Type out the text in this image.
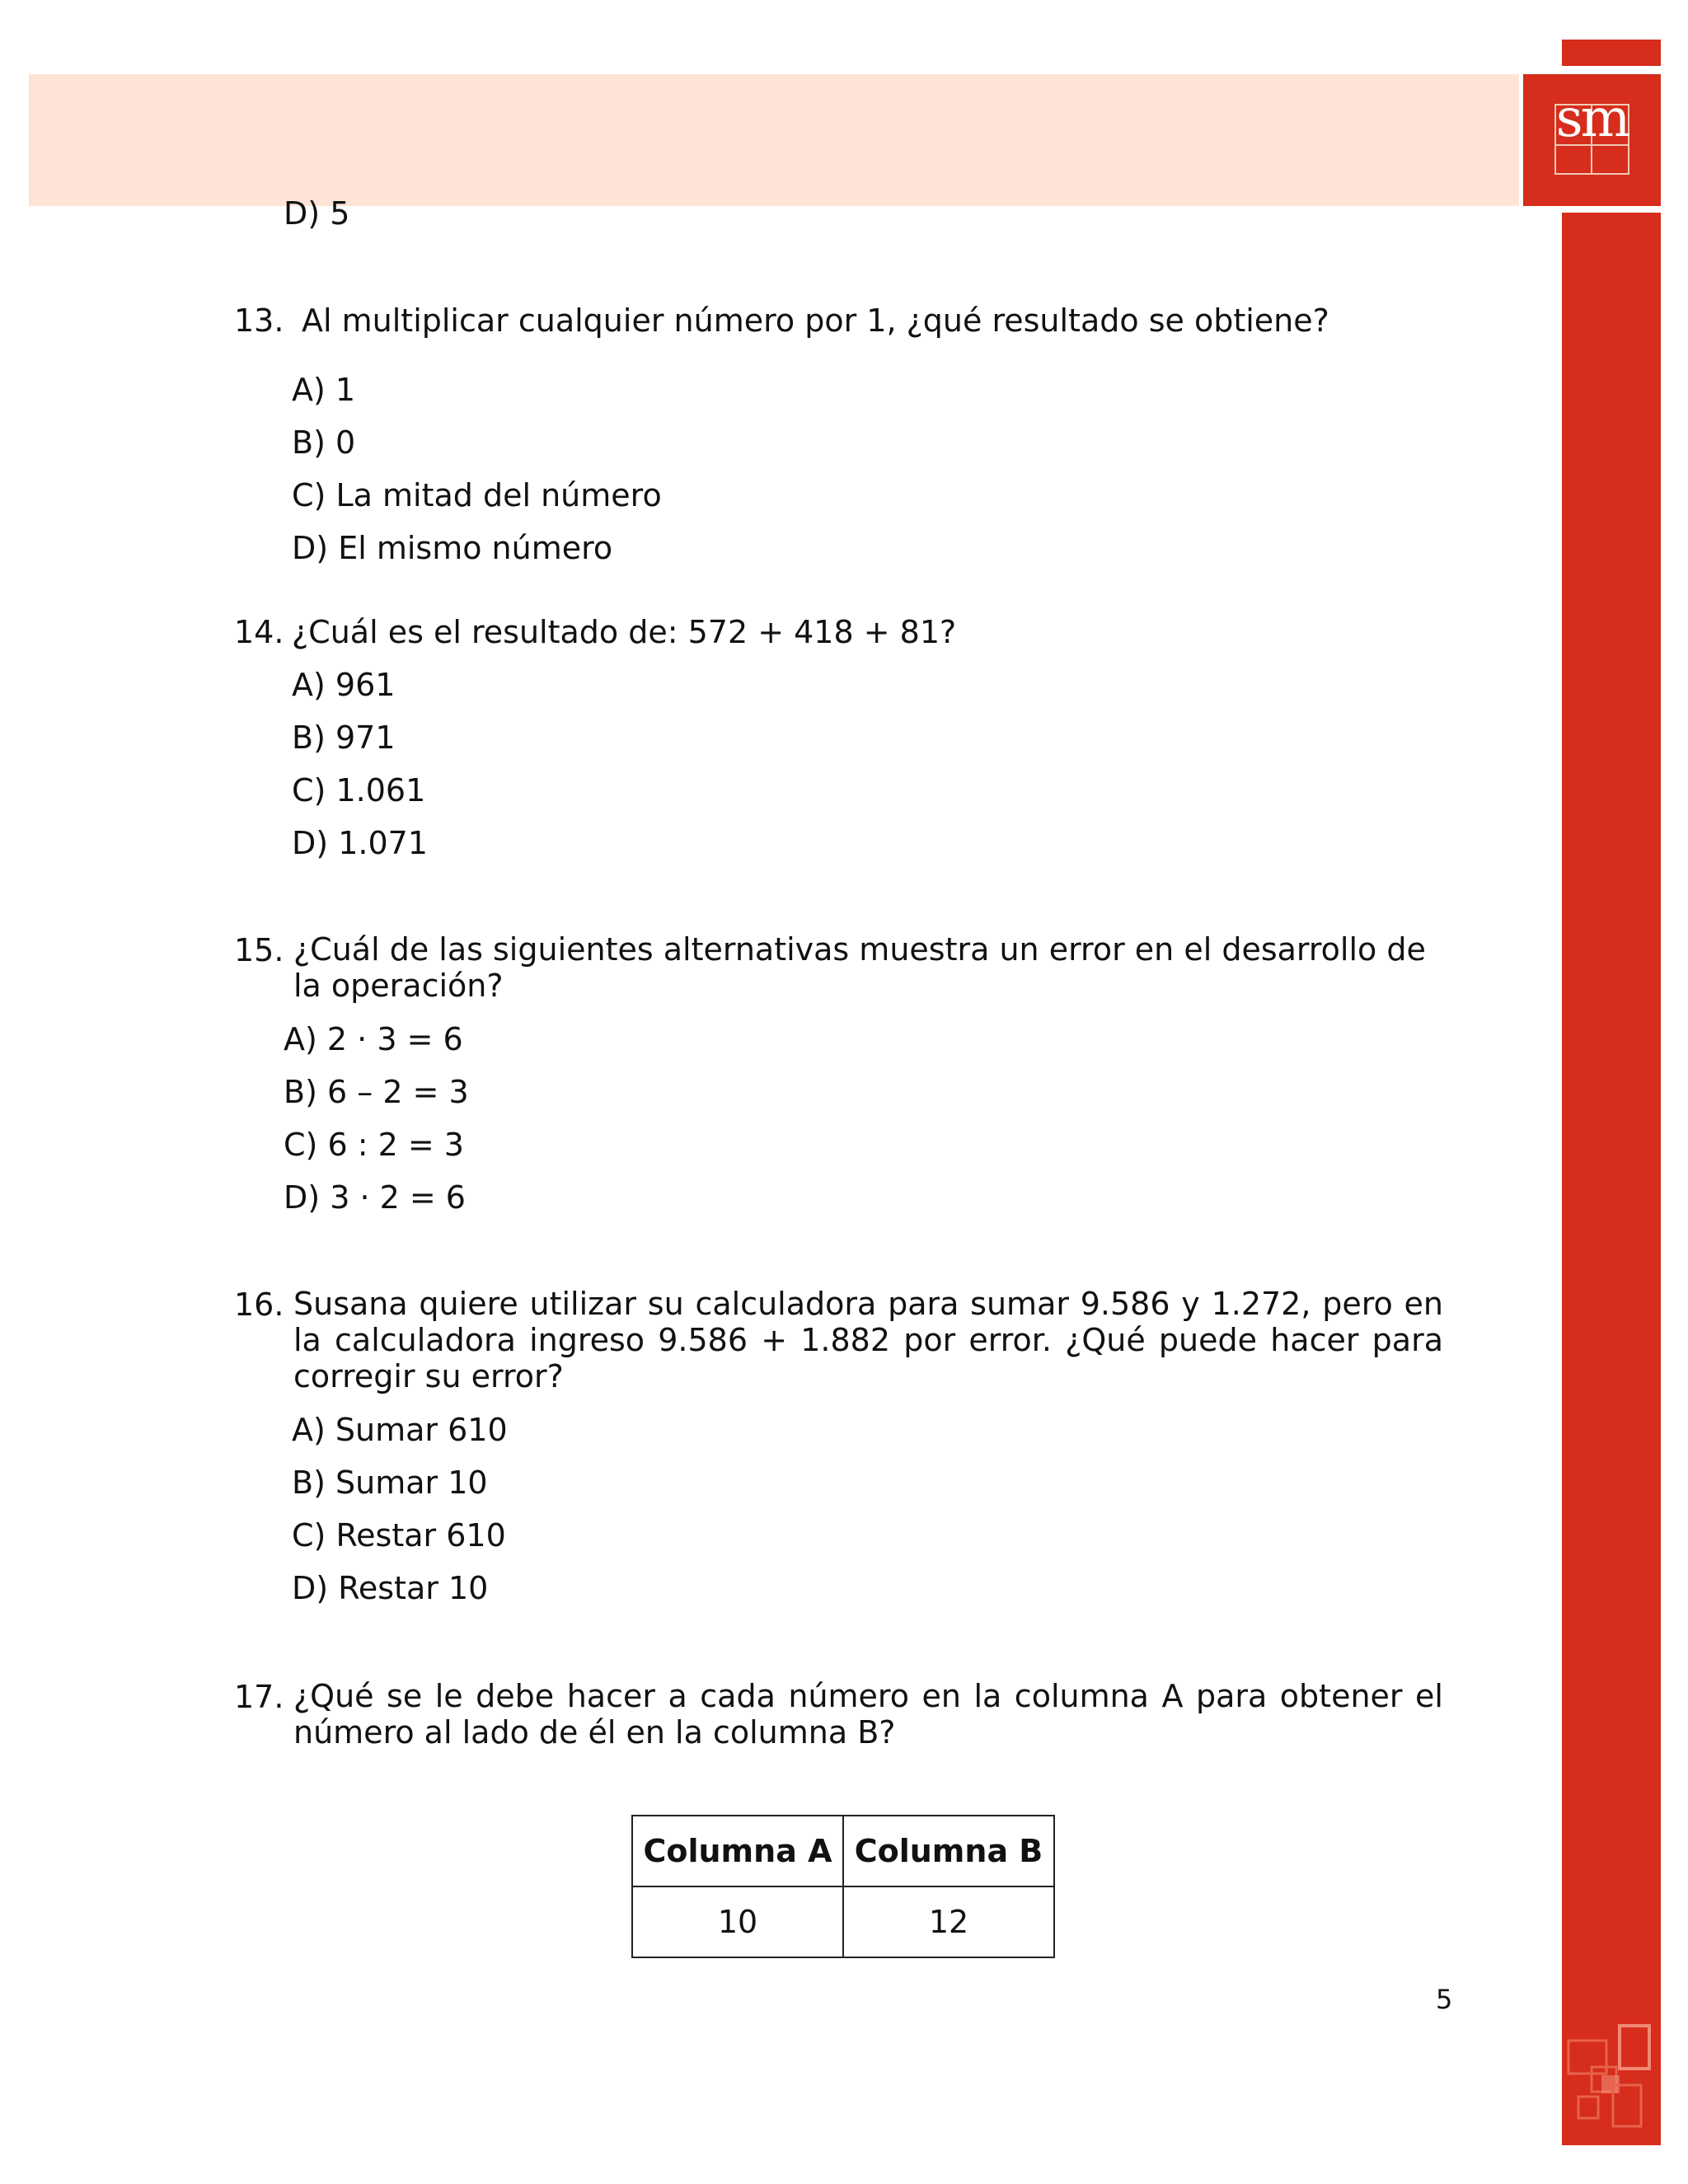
sm
D) 5
13. Al multiplicar cualquier número por 1, ¿qué resultado se obtiene?
A) 1
B) 0
C) La mitad del número
D) El mismo número
14. ¿Cuál es el resultado de: 572 + 418 + 81?
A) 961
B) 971
C) 1.061
D) 1.071
15. ¿Cuál de las siguientes alternativas muestra un error en el desarrollo de la operación?
A) 2 · 3 = 6
B) 6 – 2 = 3
C) 6 : 2 = 3
D) 3 · 2 = 6
16. Susana quiere utilizar su calculadora para sumar 9.586 y 1.272, pero en la calculadora ingreso 9.586 + 1.882 por error. ¿Qué puede hacer para corregir su error?
A) Sumar 610
B) Sumar 10
C) Restar 610
D) Restar 10
17. ¿Qué se le debe hacer a cada número en la columna A para obtener el número al lado de él en la columna B?
Columna A	Columna B
10	12
5
